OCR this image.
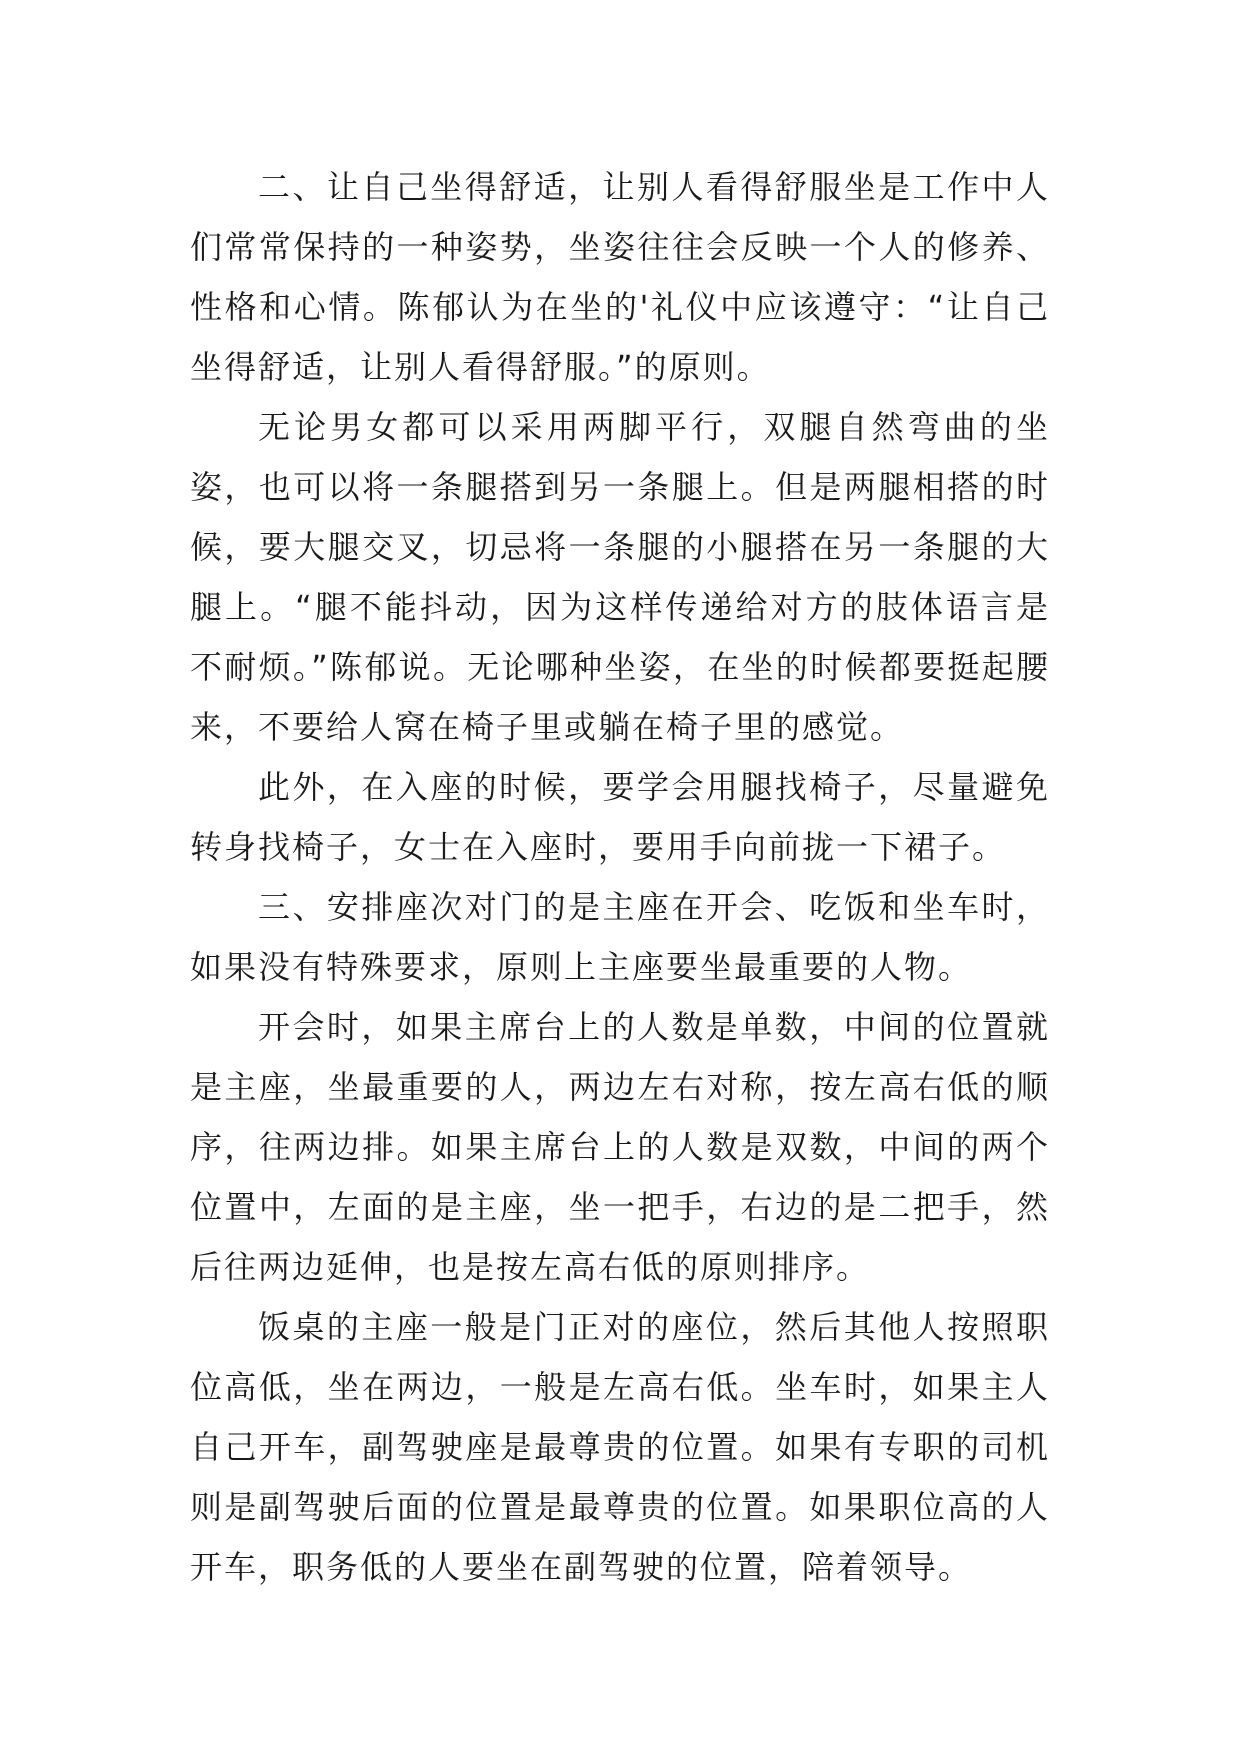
二、让自己坐得舒适，让别人看得舒服坐是工作中人们常常保持的一种姿势，坐姿往往会反映一个人的修养、性格和心情。陈郁认为在坐的'礼仪中应该遵守：“让自己坐得舒适，让别人看得舒服。”的原则。

无论男女都可以采用两脚平行，双腿自然弯曲的坐姿，也可以将一条腿搭到另一条腿上。但是两腿相搭的时候，要大腿交叉，切忌将一条腿的小腿搭在另一条腿的大腿上。“腿不能抖动，因为这样传递给对方的肢体语言是不耐烦。”陈郁说。无论哪种坐姿，在坐的时候都要挺起腰来，不要给人窝在椅子里或躺在椅子里的感觉。

此外，在入座的时候，要学会用腿找椅子，尽量避免转身找椅子，女士在入座时，要用手向前拢一下裙子。

三、安排座次对门的是主座在开会、吃饭和坐车时，如果没有特殊要求，原则上主座要坐最重要的人物。

开会时，如果主席台上的人数是单数，中间的位置就是主座，坐最重要的人，两边左右对称，按左高右低的顺序，往两边排。如果主席台上的人数是双数，中间的两个位置中，左面的是主座，坐一把手，右边的是二把手，然后往两边延伸，也是按左高右低的原则排序。

饭桌的主座一般是门正对的座位，然后其他人按照职位高低，坐在两边，一般是左高右低。坐车时，如果主人自己开车，副驾驶座是最尊贵的位置。如果有专职的司机则是副驾驶后面的位置是最尊贵的位置。如果职位高的人开车，职务低的人要坐在副驾驶的位置，陪着领导。
